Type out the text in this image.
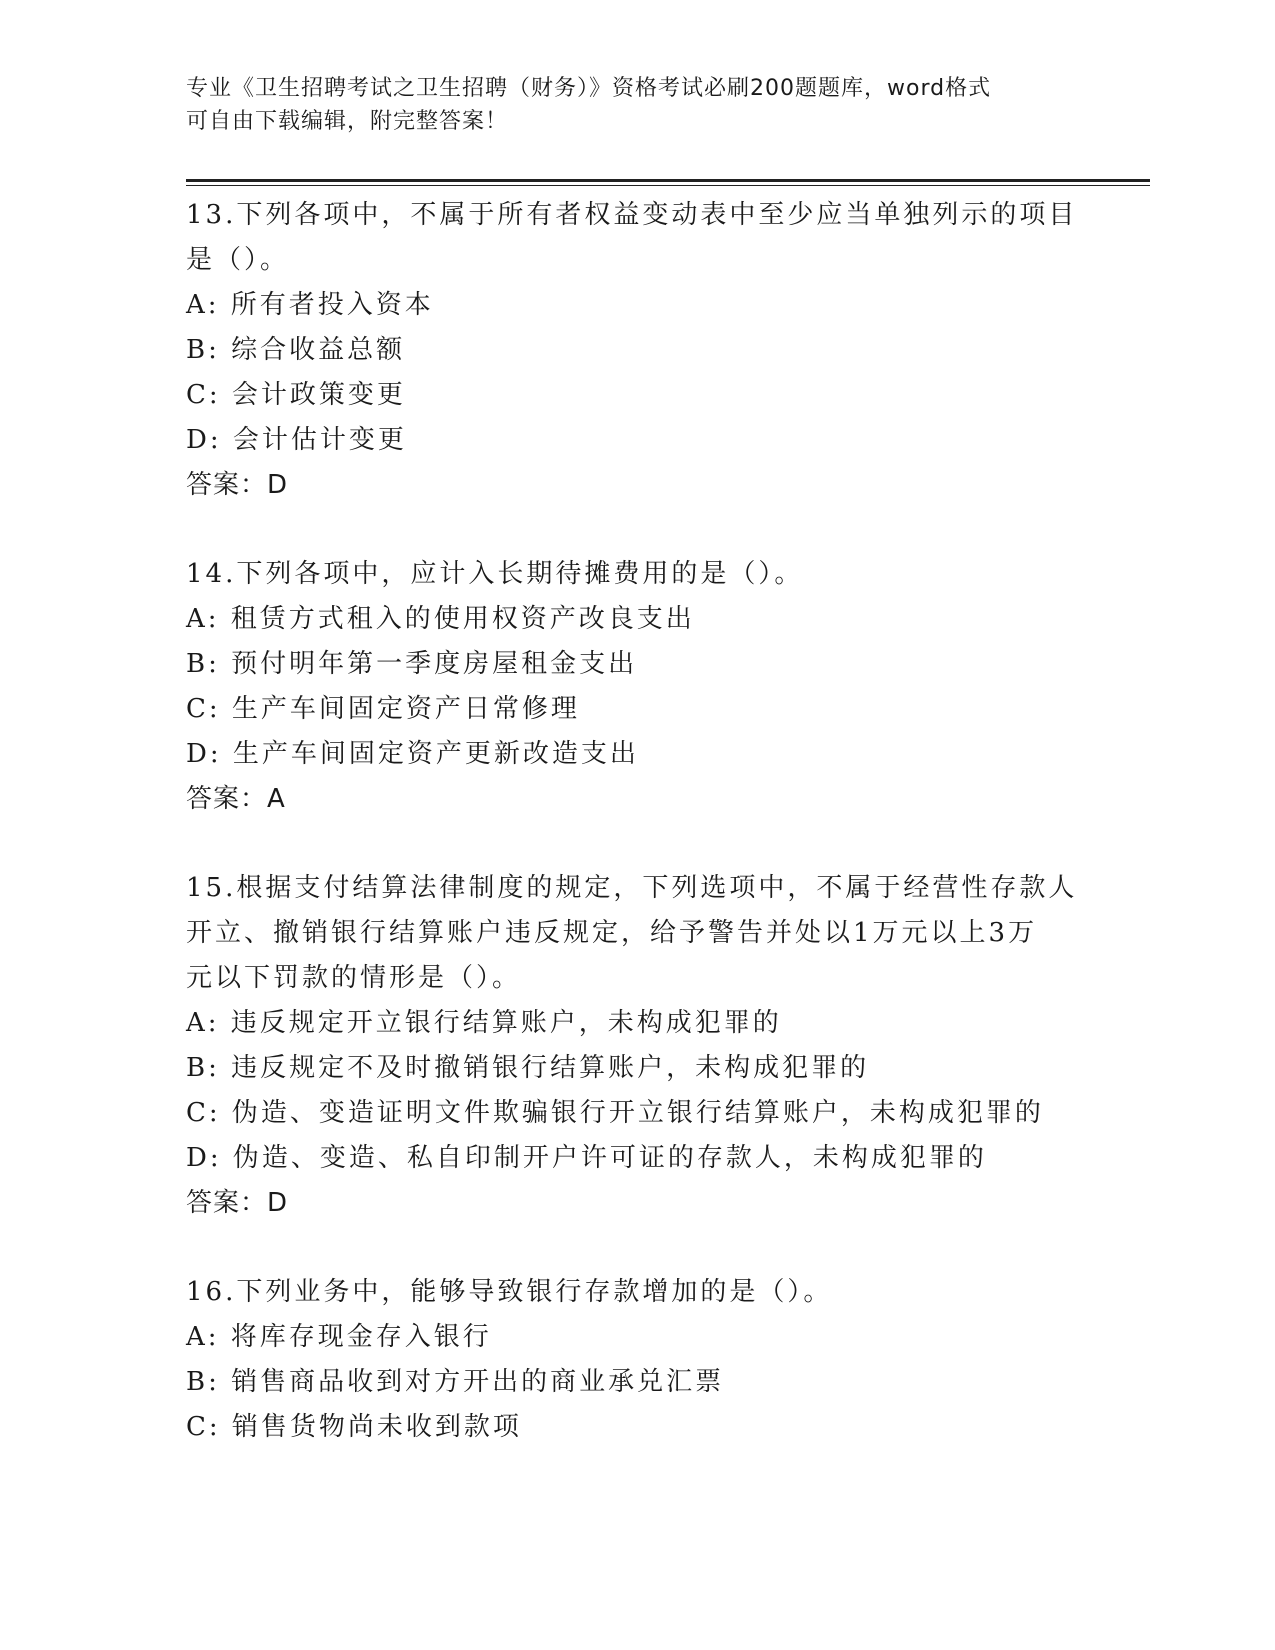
专业《卫生招聘考试之卫生招聘（财务）》资格考试必刷200题题库，word格式
可自由下载编辑，附完整答案！
13.下列各项中，不属于所有者权益变动表中至少应当单独列示的项目
是（）。
A: 所有者投入资本
B: 综合收益总额
C: 会计政策变更
D: 会计估计变更
答案：D
14.下列各项中，应计入长期待摊费用的是（）。
A: 租赁方式租入的使用权资产改良支出
B: 预付明年第一季度房屋租金支出
C: 生产车间固定资产日常修理
D: 生产车间固定资产更新改造支出
答案：A
15.根据支付结算法律制度的规定，下列选项中，不属于经营性存款人
开立、撤销银行结算账户违反规定，给予警告并处以1万元以上3万
元以下罚款的情形是（）。
A: 违反规定开立银行结算账户，未构成犯罪的
B: 违反规定不及时撤销银行结算账户，未构成犯罪的
C: 伪造、变造证明文件欺骗银行开立银行结算账户，未构成犯罪的
D: 伪造、变造、私自印制开户许可证的存款人，未构成犯罪的
答案：D
16.下列业务中，能够导致银行存款增加的是（）。
A: 将库存现金存入银行
B: 销售商品收到对方开出的商业承兑汇票
C: 销售货物尚未收到款项
